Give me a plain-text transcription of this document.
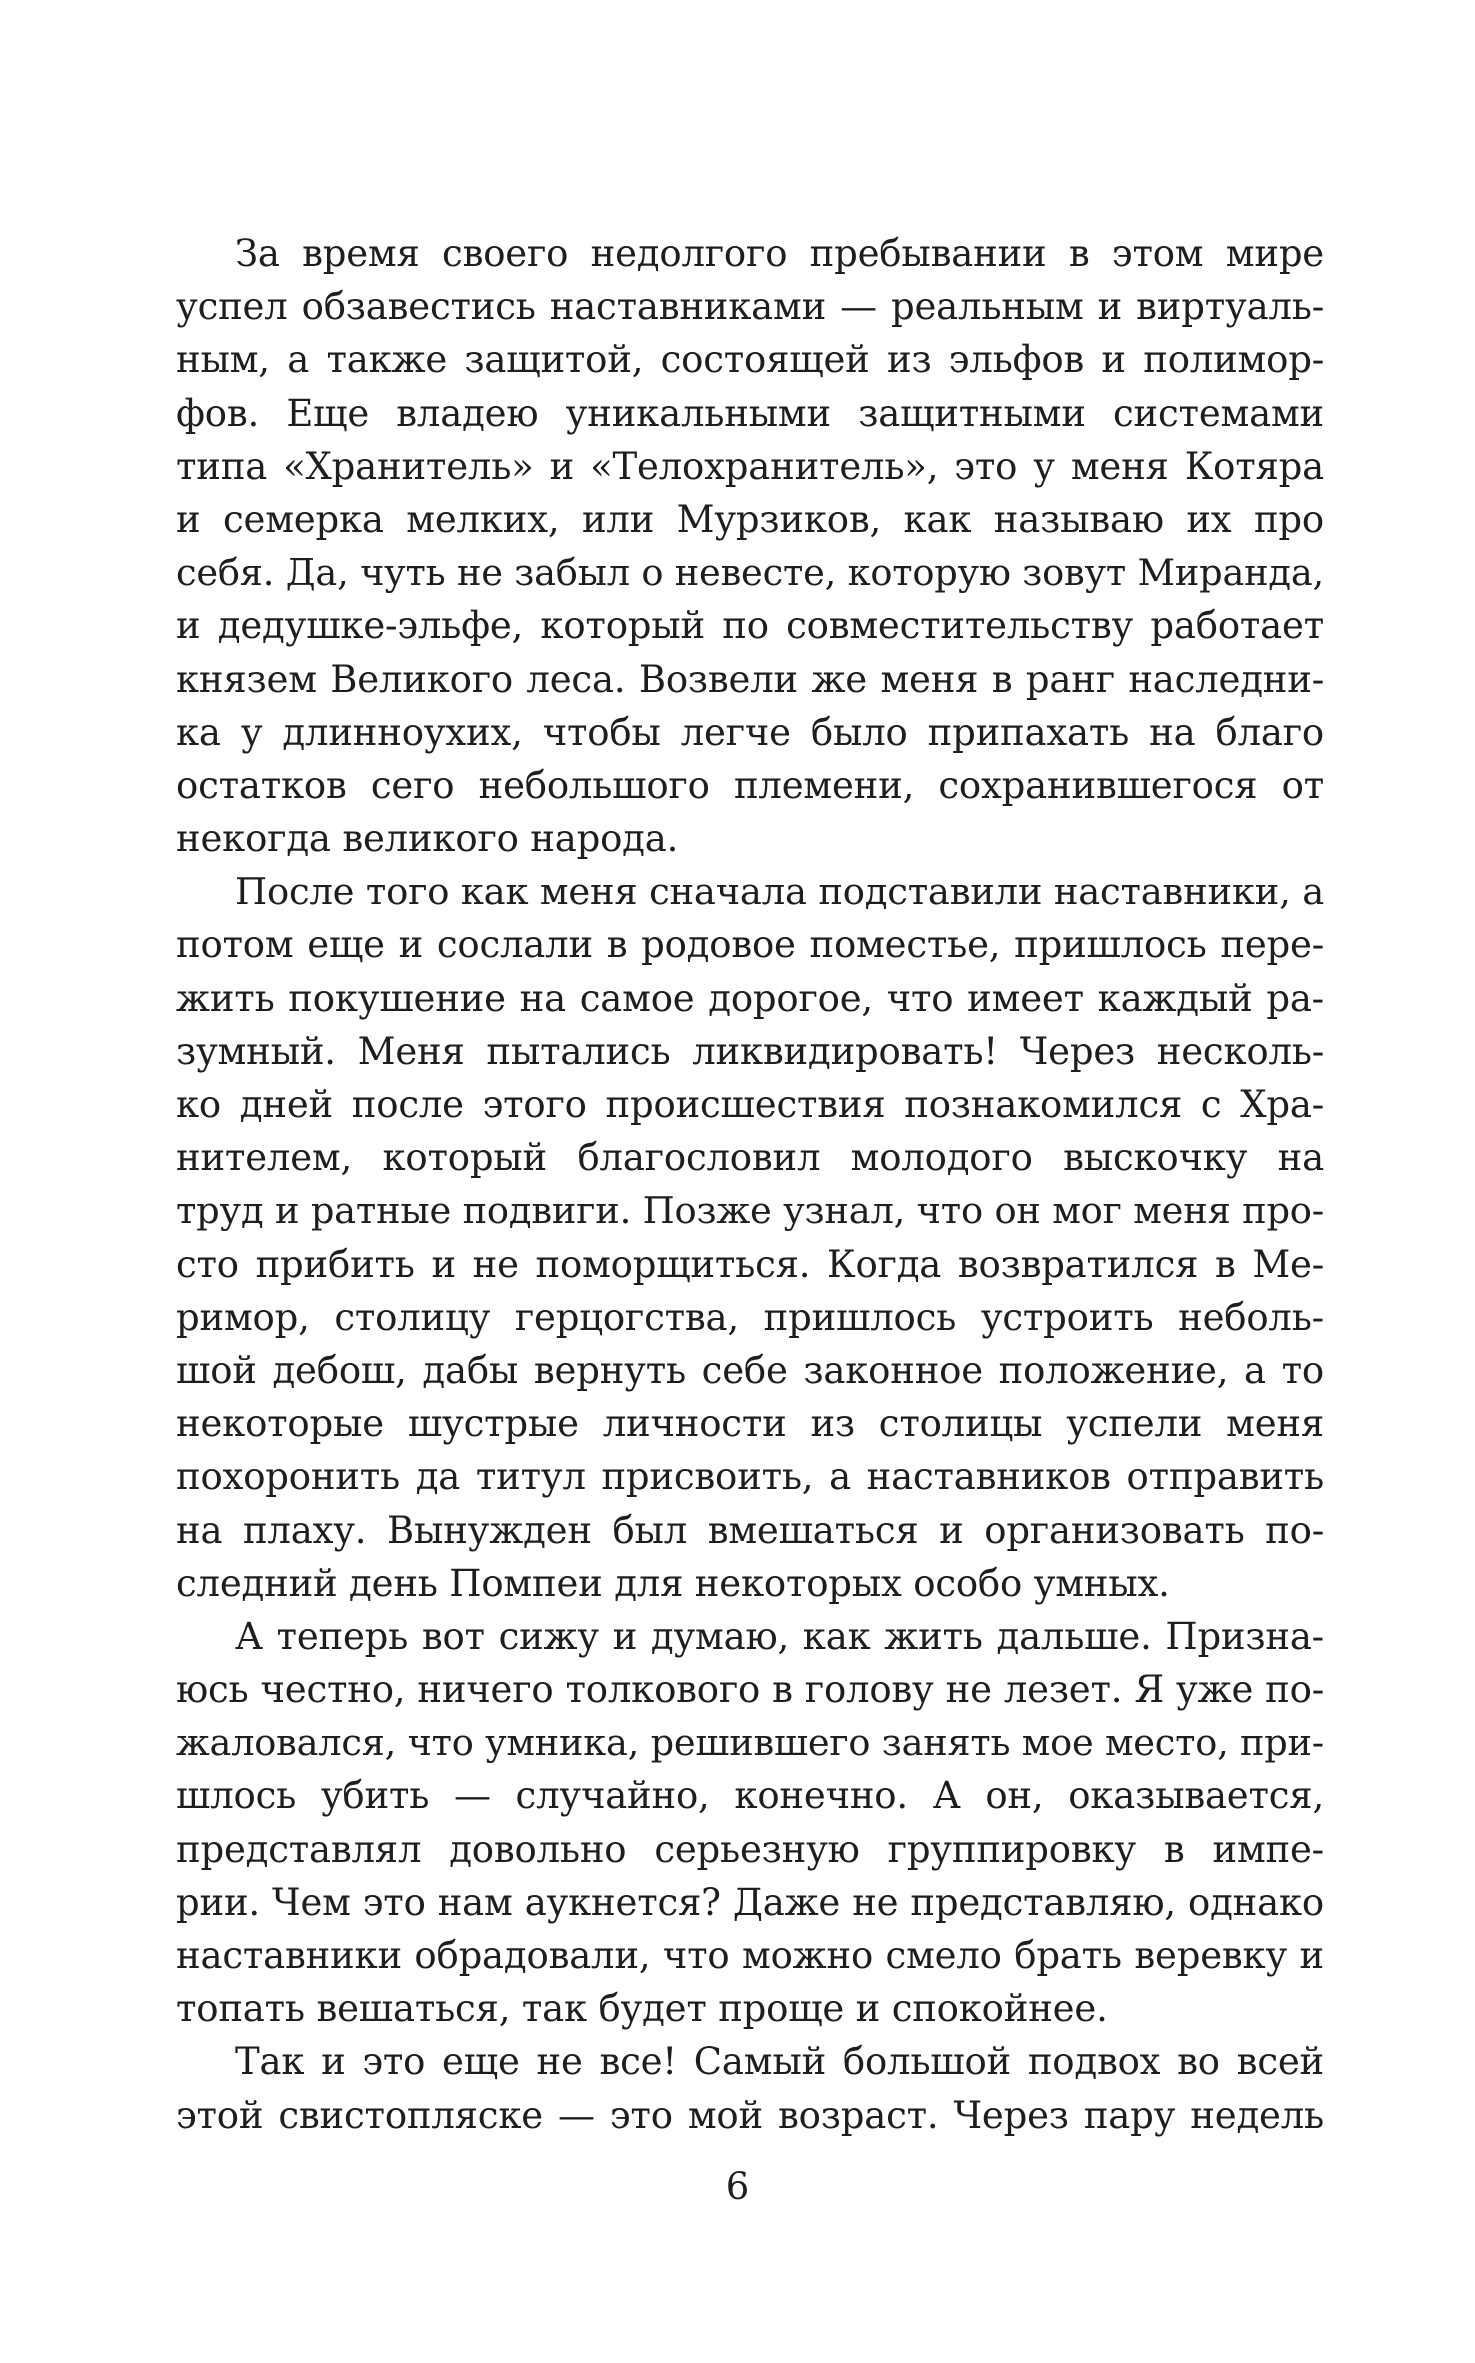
За время своего недолгого пребывании в этом мире
успел обзавестись наставниками — реальным и виртуаль-
ным, а также защитой, состоящей из эльфов и полимор-
фов. Еще владею уникальными защитными системами
типа «Хранитель» и «Телохранитель», это у меня Котяра
и семерка мелких, или Мурзиков, как называю их про
себя. Да, чуть не забыл о невесте, которую зовут Миранда,
и дедушке-эльфе, который по совместительству работает
князем Великого леса. Возвели же меня в ранг наследни-
ка у длинноухих, чтобы легче было припахать на благо
остатков сего небольшого племени, сохранившегося от
некогда великого народа.
После того как меня сначала подставили наставники, а
потом еще и сослали в родовое поместье, пришлось пере-
жить покушение на самое дорогое, что имеет каждый ра-
зумный. Меня пытались ликвидировать! Через несколь-
ко дней после этого происшествия познакомился с Хра-
нителем, который благословил молодого выскочку на
труд и ратные подвиги. Позже узнал, что он мог меня про-
сто прибить и не поморщиться. Когда возвратился в Ме-
римор, столицу герцогства, пришлось устроить неболь-
шой дебош, дабы вернуть себе законное положение, а то
некоторые шустрые личности из столицы успели меня
похоронить да титул присвоить, а наставников отправить
на плаху. Вынужден был вмешаться и организовать по-
следний день Помпеи для некоторых особо умных.
А теперь вот сижу и думаю, как жить дальше. Призна-
юсь честно, ничего толкового в голову не лезет. Я уже по-
жаловался, что умника, решившего занять мое место, при-
шлось убить — случайно, конечно. А он, оказывается,
представлял довольно серьезную группировку в импе-
рии. Чем это нам аукнется? Даже не представляю, однако
наставники обрадовали, что можно смело брать веревку и
топать вешаться, так будет проще и спокойнее.
Так и это еще не все! Самый большой подвох во всей
этой свистопляске — это мой возраст. Через пару недель
6
